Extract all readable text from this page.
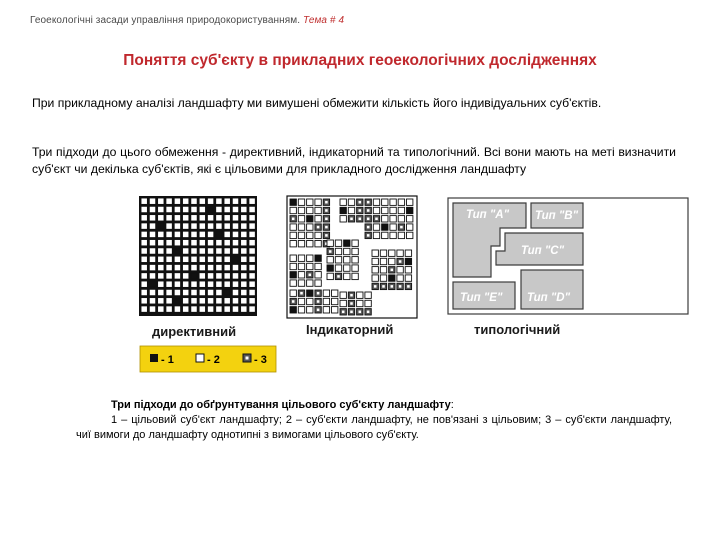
Геоекологічні засади управління природокористуванням. Тема # 4
Поняття суб'єкту в прикладних геоекологічних дослідженнях
При прикладному аналізі ландшафту ми вимушені обмежити кількість його індивідуальних суб'єктів.
Три підходи до цього обмеження - директивний, індикаторний та типологічний. Всі вони мають на меті визначити суб'єкт чи декілька суб'єктів, які є цільовими для прикладного дослідження ландшафту
Тип "А" Тип "В"
Тип "С"
Тип "Е" Тип "D"
директивний	Індикаторний	типологічний
- 1	- 2	- 3
Три підходи до обґрунтування цільового суб'єкту ландшафту:
1 – цільовий суб'єкт ландшафту; 2 – суб'єкти ландшафту, не пов'язані з цільовим; 3 – суб'єкти ландшафту, чиї вимоги до ландшафту однотипні з вимогами цільового суб'єкту.
